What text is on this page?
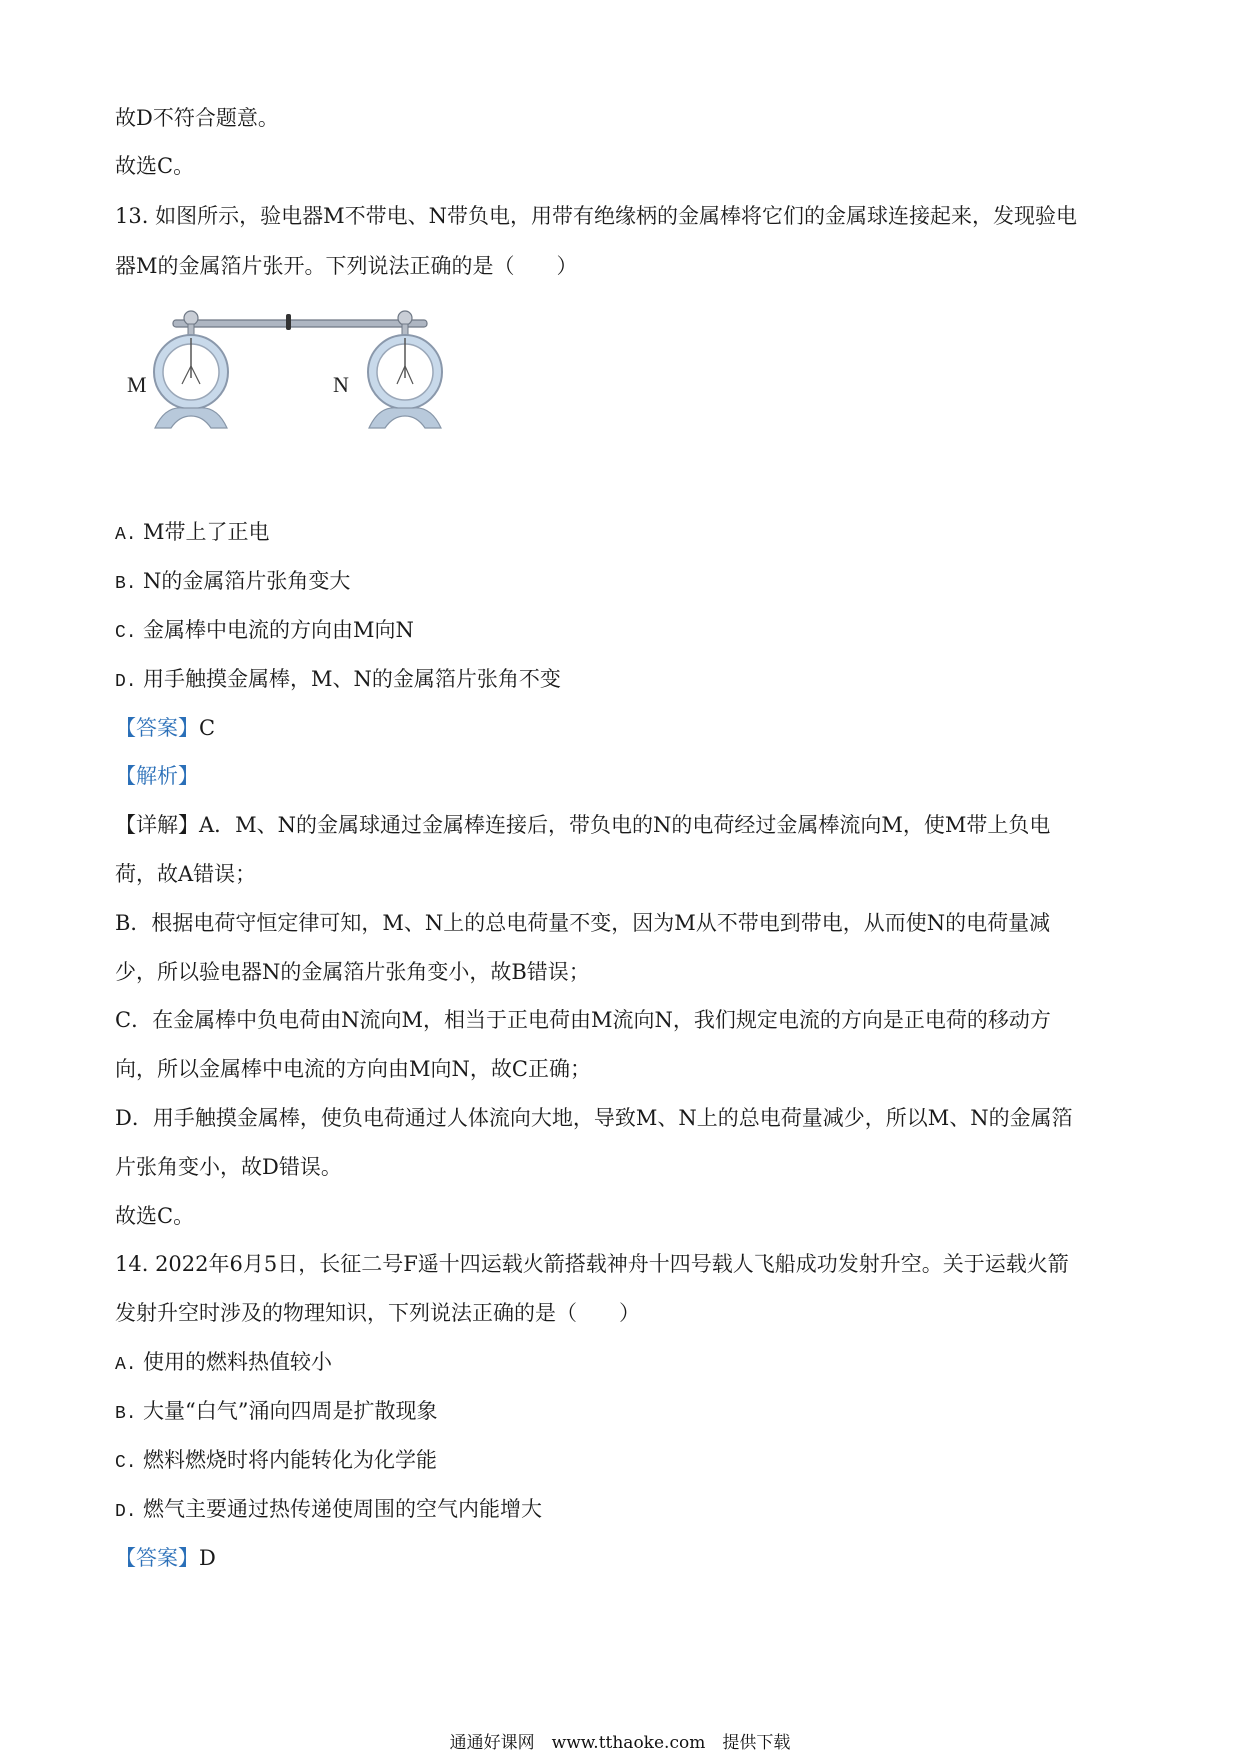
故D不符合题意。
故选C。
13. 如图所示，验电器M不带电、N带负电，用带有绝缘柄的金属棒将它们的金属球连接起来，发现验电
器M的金属箔片张开。下列说法正确的是（　　）
M	N
A. M带上了正电
B. N的金属箔片张角变大
C. 金属棒中电流的方向由M向N
D. 用手触摸金属棒，M、N的金属箔片张角不变
【答案】C
【解析】
【详解】A．M、N的金属球通过金属棒连接后，带负电的N的电荷经过金属棒流向M，使M带上负电
荷，故A错误；
B．根据电荷守恒定律可知，M、N上的总电荷量不变，因为M从不带电到带电，从而使N的电荷量减
少，所以验电器N的金属箔片张角变小，故B错误；
C．在金属棒中负电荷由N流向M，相当于正电荷由M流向N，我们规定电流的方向是正电荷的移动方
向，所以金属棒中电流的方向由M向N，故C正确；
D．用手触摸金属棒，使负电荷通过人体流向大地，导致M、N上的总电荷量减少，所以M、N的金属箔
片张角变小，故D错误。
故选C。
14. 2022年6月5日，长征二号F遥十四运载火箭搭载神舟十四号载人飞船成功发射升空。关于运载火箭
发射升空时涉及的物理知识，下列说法正确的是（　　）
A. 使用的燃料热值较小
B. 大量“白气”涌向四周是扩散现象
C. 燃料燃烧时将内能转化为化学能
D. 燃气主要通过热传递使周围的空气内能增大
【答案】D
通通好课网　www.tthaoke.com　提供下载
